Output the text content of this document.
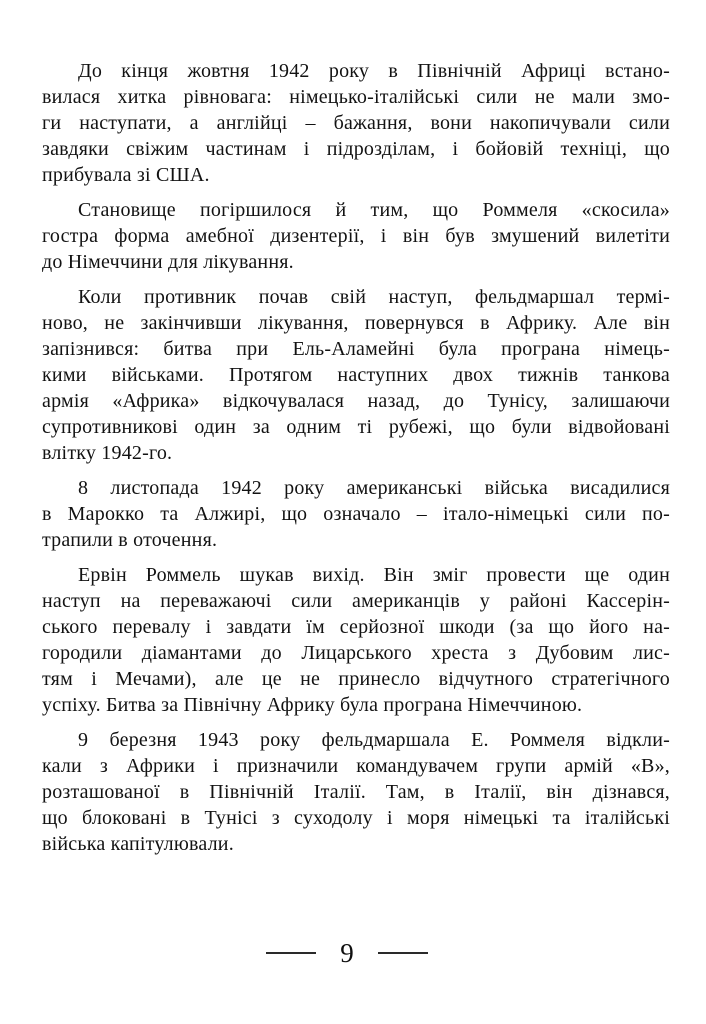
До кінця жовтня 1942 року в Північній Африці встано-
вилася хитка рівновага: німецько-італійські сили не мали змо-
ги наступати, а англійці – бажання, вони накопичували сили
завдяки свіжим частинам і підрозділам, і бойовій техніці, що
прибувала зі США.
Становище погіршилося й тим, що Роммеля «скосила»
гостра форма амебної дизентерії, і він був змушений вилетіти
до Німеччини для лікування.
Коли противник почав свій наступ, фельдмаршал термі-
ново, не закінчивши лікування, повернувся в Африку. Але він
запізнився: битва при Ель-Аламейні була програна німець-
кими військами. Протягом наступних двох тижнів танкова
армія «Африка» відкочувалася назад, до Тунісу, залишаючи
супротивникові один за одним ті рубежі, що були відвойовані
влітку 1942-го.
8 листопада 1942 року американські війська висадилися
в Марокко та Алжирі, що означало – італо-німецькі сили по-
трапили в оточення.
Ервін Роммель шукав вихід. Він зміг провести ще один
наступ на переважаючі сили американців у районі Кассерін-
ського перевалу і завдати їм серйозної шкоди (за що його на-
городили діамантами до Лицарського хреста з Дубовим лис-
тям і Мечами), але це не принесло відчутного стратегічного
успіху. Битва за Північну Африку була програна Німеччиною.
9 березня 1943 року фельдмаршала Е. Роммеля відкли-
кали з Африки і призначили командувачем групи армій «В»,
розташованої в Північній Італії. Там, в Італії, він дізнався,
що блоковані в Тунісі з суходолу і моря німецькі та італійські
війська капітулювали.
9
